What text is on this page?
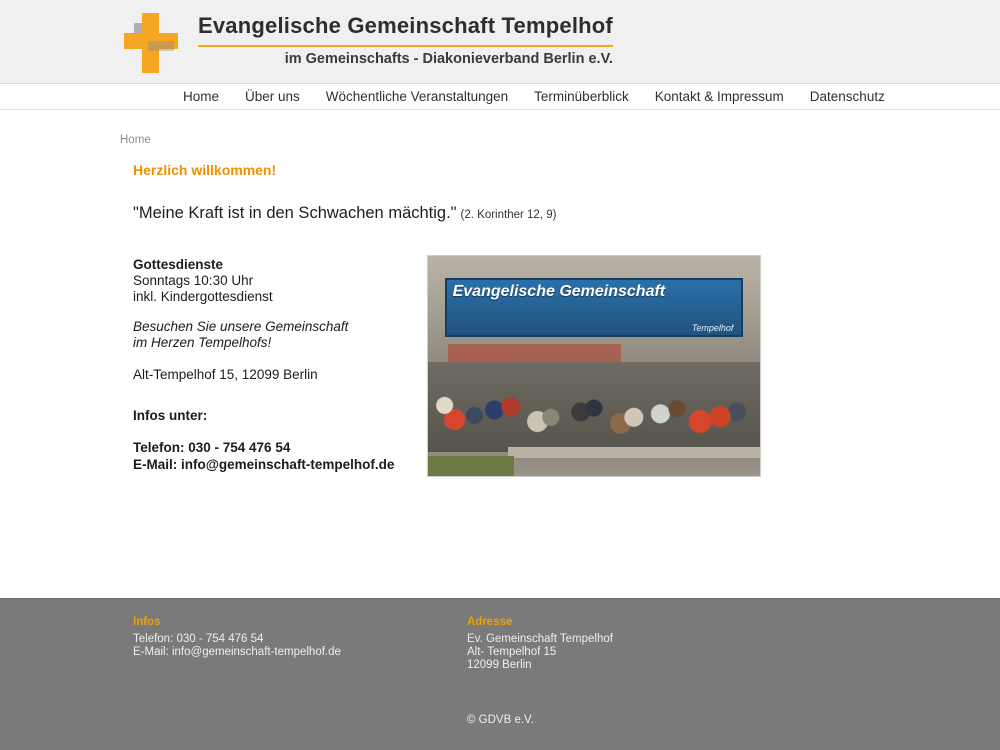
Evangelische Gemeinschaft Tempelhof
im Gemeinschafts - Diakonieverband Berlin e.V.
Home	Über uns	Wöchentliche Veranstaltungen	Terminüberblick	Kontakt & Impressum	Datenschutz
Home
Herzlich willkommen!
"Meine Kraft ist in den Schwachen mächtig." (2. Korinther 12, 9)
Gottesdienste
Sonntags 10:30 Uhr
inkl. Kindergottesdienst
Besuchen Sie unsere Gemeinschaft
im Herzen Tempelhofs!
Alt-Tempelhof 15, 12099 Berlin
Infos unter:
Telefon: 030 - 754 476 54
E-Mail: info@gemeinschaft-tempelhof.de
Evangelische Gemeinschaft
Tempelhof
Infos
Telefon: 030 - 754 476 54
E-Mail: info@gemeinschaft-tempelhof.de
Adresse
Ev. Gemeinschaft Tempelhof
Alt- Tempelhof 15
12099 Berlin
© GDVB e.V.
